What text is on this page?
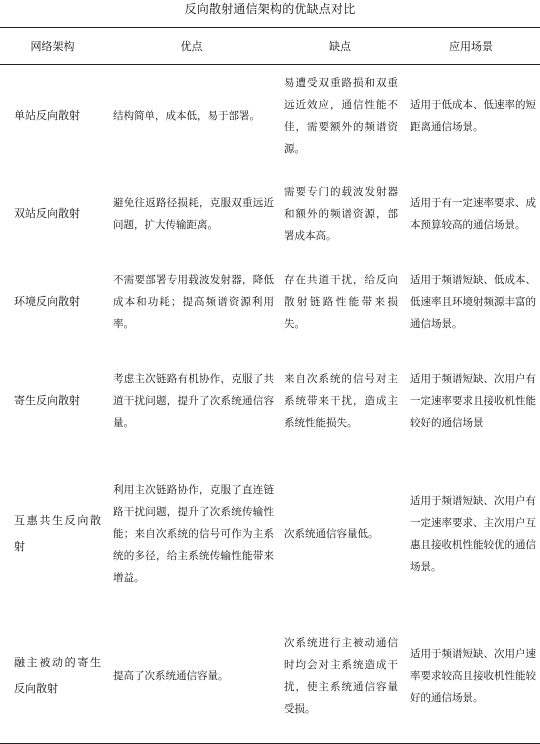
反向散射通信架构的优缺点对比
网络架构	优点	缺点	应用场景
单站反向散射	结构简单，成本低，易于部署。	易遭受双重路损和双重远近效应，通信性能不佳，需要额外的频谱资源。	适用于低成本、低速率的短距离通信场景。
双站反向散射	避免往返路径损耗，克服双重远近问题，扩大传输距离。	需要专门的载波发射器和额外的频谱资源，部署成本高。	适用于有一定速率要求、成本预算较高的通信场景。
环境反向散射	不需要部署专用载波发射器，降低成本和功耗；提高频谱资源利用率。	存在共道干扰，给反向散射链路性能带来损失。	适用于频谱短缺、低成本、低速率且环境射频源丰富的通信场景。
寄生反向散射	考虑主次链路有机协作，克服了共道干扰问题，提升了次系统通信容量。	来自次系统的信号对主系统带来干扰，造成主系统性能损失。	适用于频谱短缺、次用户有一定速率要求且接收机性能较好的通信场景
互惠共生反向散射	利用主次链路协作，克服了直连链路干扰问题，提升了次系统传输性能；来自次系统的信号可作为主系统的多径，给主系统传输性能带来增益。	次系统通信容量低。	适用于频谱短缺、次用户有一定速率要求、主次用户互惠且接收机性能较优的通信场景。
融主被动的寄生反向散射	提高了次系统通信容量。	次系统进行主被动通信时均会对主系统造成干扰，使主系统通信容量受损。	适用于频谱短缺、次用户速率要求较高且接收机性能较好的通信场景。
